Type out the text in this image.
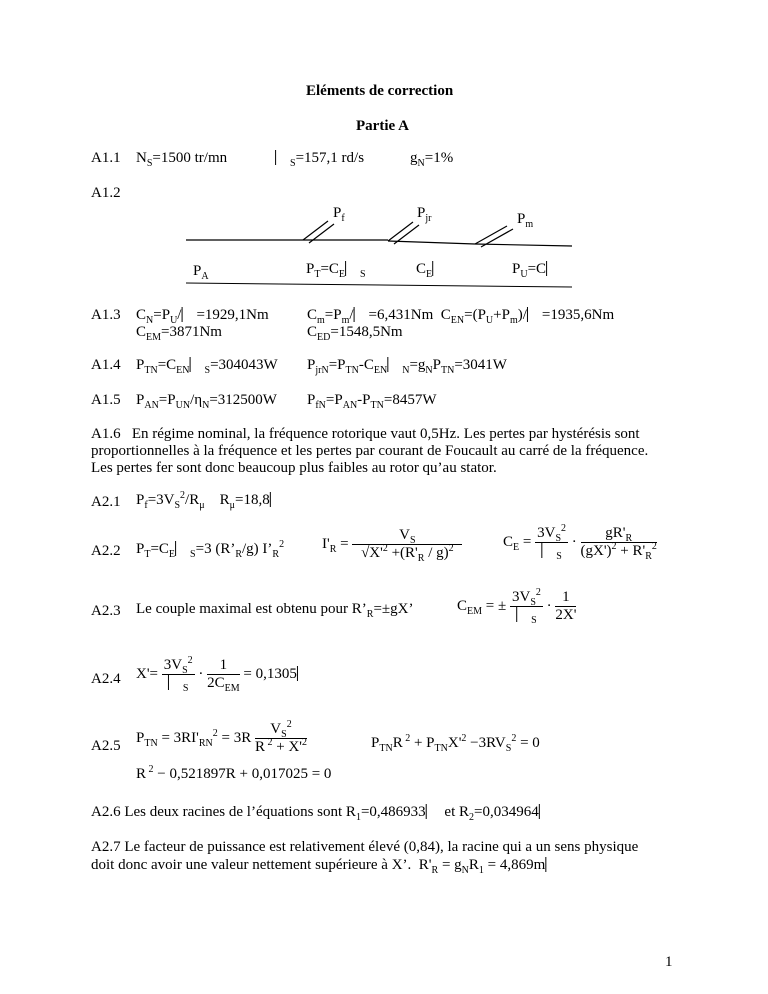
Eléments de correction
Partie A
A1.1 $N_S=1500$ tr/mn	$⎸_S=157,1$ rd/s	$g_N=1\%$
A1.2
$P_f$	$P_{jr}$	$P_m$
$P_A$	$P_T=C_E⎸_S$	$C_E⎸$	$P_U=C⎸$
A1.3 $C_N=P_U/⎸=1929,1Nm$
$C_{EM}=3871Nm$
$C_m=P_m/⎸=6,431Nm$  $C_{EN}=(P_U+P_m)/⎸=1935,6Nm$
$C_{ED}=1548,5Nm$
A1.4 $P_{TN}=C_{EN}⎸_S=304043W$ $P_{jrN}=P_{TN}-C_{EN}⎸_N=g_NP_{TN}=3041W$
A1.5 $P_{AN}=P_{UN}/\eta_N=312500W$ $P_{fN}=P_{AN}-P_{TN}=8457W$
A1.6   En régime nominal, la fréquence rotorique vaut 0,5Hz. Les pertes par hystérésis sont
proportionnelles à la fréquence et les pertes par courant de Foucault au carré de la fréquence.
Les pertes fer sont donc beaucoup plus faibles au rotor qu’au stator.
A2.1 $P_f=3V_S^2/R_\mu$    $R_\mu=18,8⎸$
A2.2 $P_T=C_E⎸_S=3$ $(R’_R/g)$ $I’_R^2$	$I'_R = \frac{V_S}{√X'^2 +(R'_R / g)^2}$	$C_E = \frac{3V_S^2}{⎸_S} \cdot \frac{gR'_R}{(gX')^2 + R'_R^2}$
A2.3 Le couple maximal est obtenu pour $R’_R=\pm gX$’	$C_{EM}$ = ± $\frac{3V_S^2}{⎸_S} \cdot \frac{1}{2X'}$
A2.4 $X'= \frac{3V_S^2}{⎸_S} \cdot \frac{1}{2C_{EM}}$ = 0,1305⎸
A2.5
$P_{TN} = 3RI'_{RN}^2 = 3R \frac{V_S^2}{R ^2 + X'^2}$	$P_{TN}R$ $^2 + P_{TN}X'^2 -3RV_S^2 = 0$
R $^2$ − 0,521897R + 0,017025 = 0
A2.6 Les deux racines de l’équations sont $R_1=0,486933⎸$ et $R_2=0,034964⎸$
A2.7 Le facteur de puissance est relativement élevé (0,84), la racine qui a un sens physique
doit donc avoir une valeur nettement supérieure à X’.  $R'_R = g_NR_1$ = 4,869m⎸
1
